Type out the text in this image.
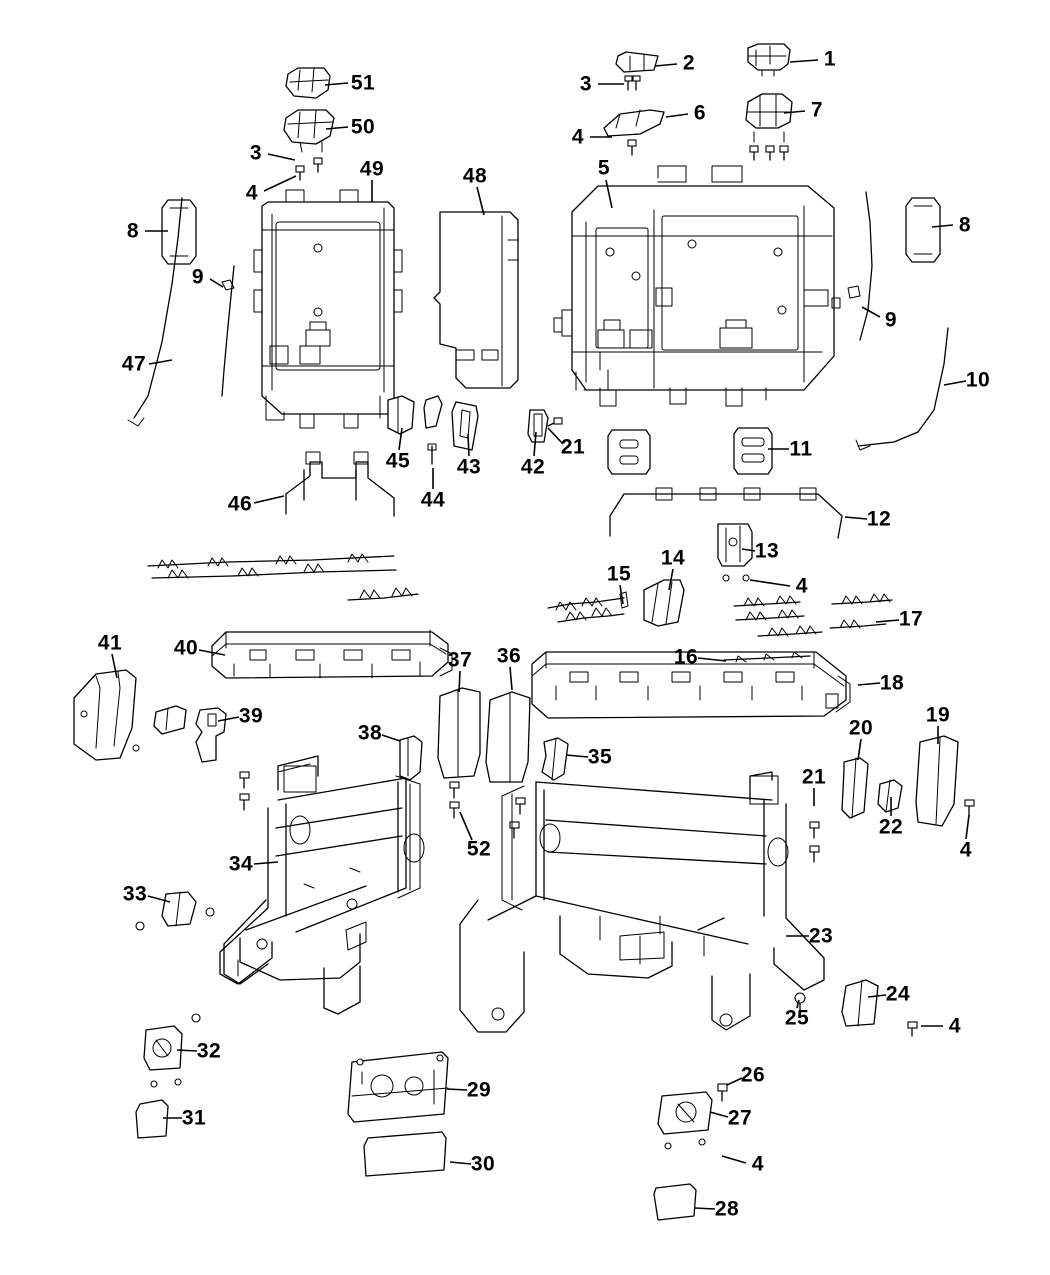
1
2
3
6	7
4
51
50
3
4
49	48	5
8	8
9
9
47
10
45 43
44
42
21	11
46
12
13
4
14
15
17
41 40
37 36	16
18
39	19
20
38
35
21
22
4
52
34
33
23
24
25	4
32
29
26
27
31
4
30
28
